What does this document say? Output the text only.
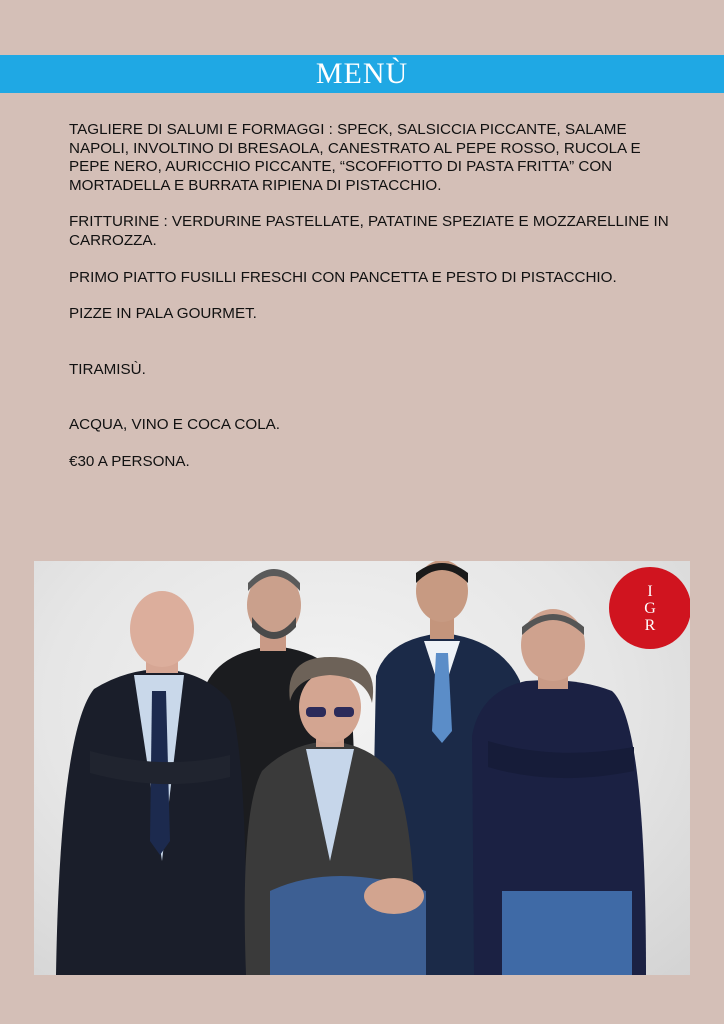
MENÙ

TAGLIERE DI SALUMI E FORMAGGI : SPECK, SALSICCIA PICCANTE, SALAME NAPOLI, INVOLTINO DI BRESAOLA, CANESTRATO AL PEPE ROSSO, RUCOLA E PEPE NERO, AURICCHIO PICCANTE, “SCOFFIOTTO DI PASTA FRITTA” CON MORTADELLA E BURRATA RIPIENA DI PISTACCHIO.

FRITTURINE : VERDURINE PASTELLATE, PATATINE SPEZIATE E MOZZARELLINE IN CARROZZA.

PRIMO PIATTO FUSILLI FRESCHI CON PANCETTA E PESTO DI PISTACCHIO.

PIZZE IN PALA GOURMET.

TIRAMISÙ.

ACQUA, VINO E COCA COLA.

€30 A PERSONA.

I
G
R
